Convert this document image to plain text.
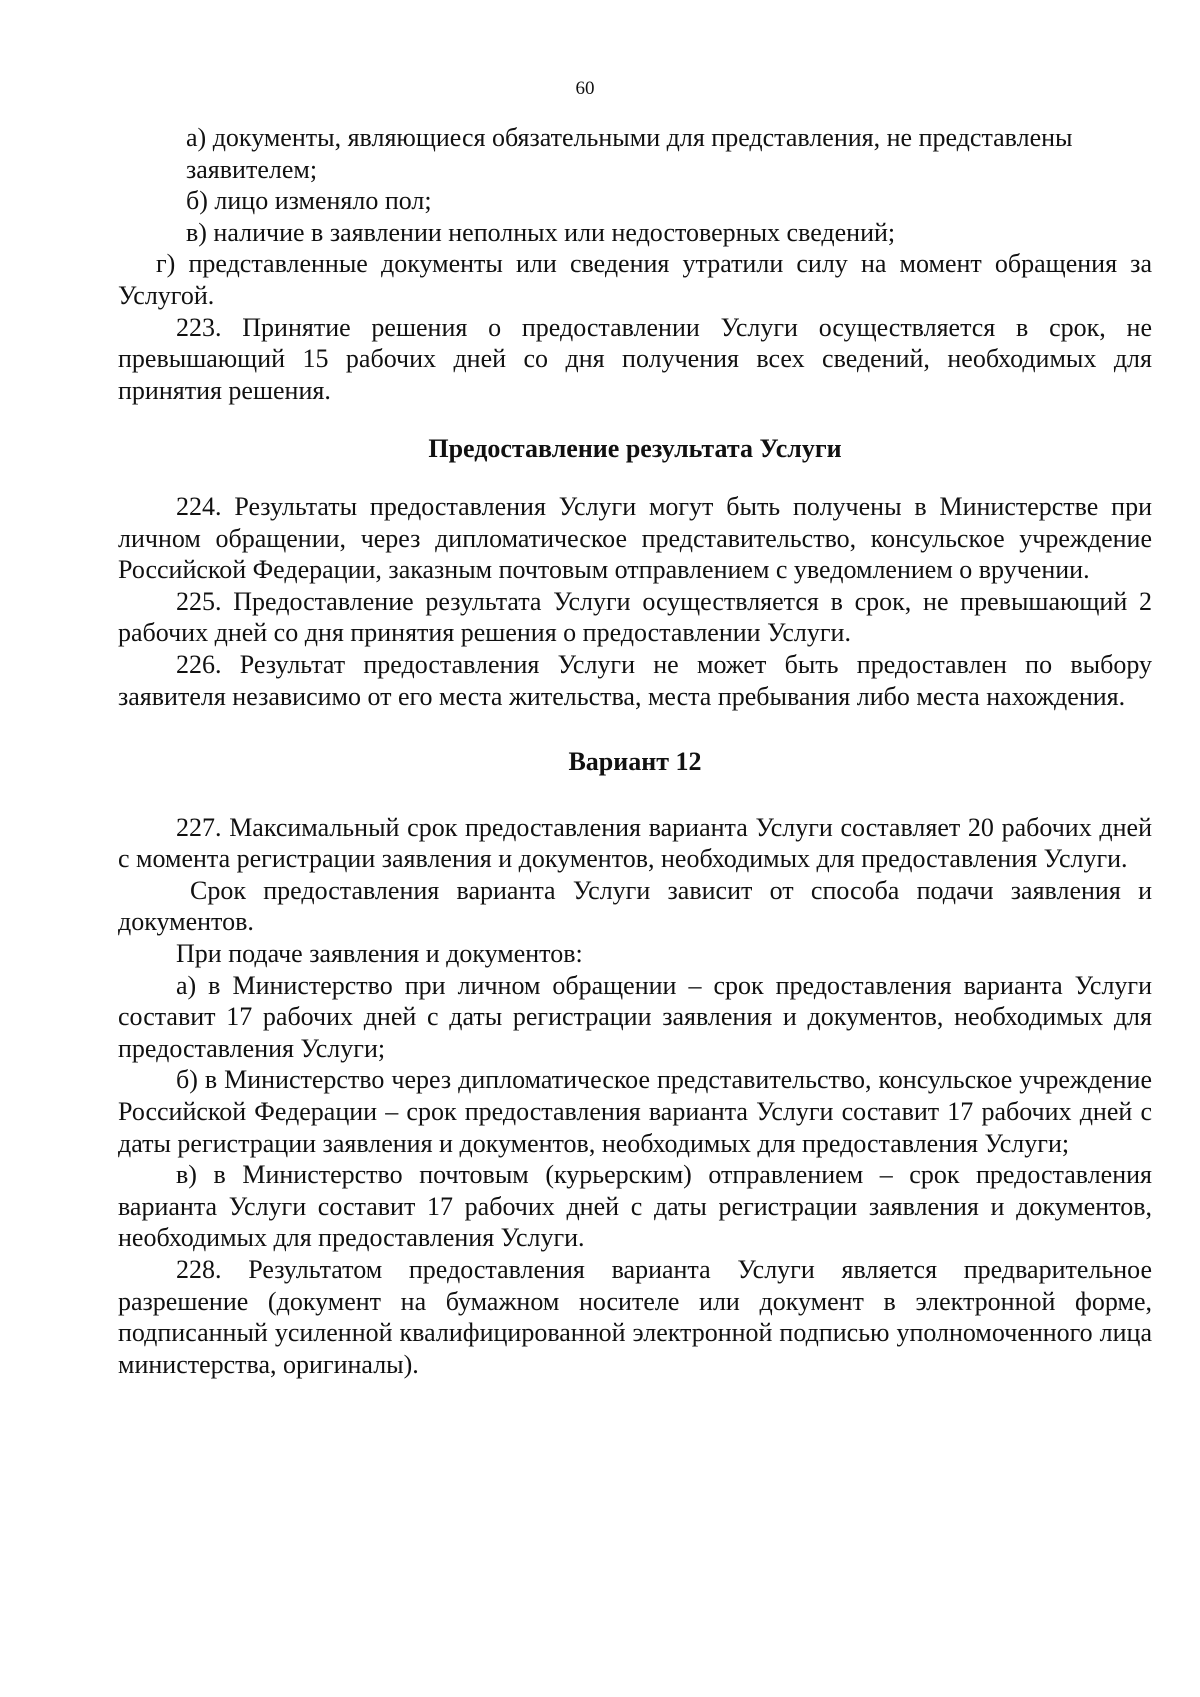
60

а) документы, являющиеся обязательными для представления, не представлены заявителем;

б) лицо изменяло пол;

в) наличие в заявлении неполных или недостоверных сведений;

г) представленные документы или сведения утратили силу на момент обращения за Услугой.

223. Принятие решения о предоставлении Услуги осуществляется в срок, не превышающий 15 рабочих дней со дня получения всех сведений, необходимых для принятия решения.

Предоставление результата Услуги

224. Результаты предоставления Услуги могут быть получены в Министерстве при личном обращении, через дипломатическое представительство, консульское учреждение Российской Федерации, заказным почтовым отправлением с уведомлением о вручении.

225. Предоставление результата Услуги осуществляется в срок, не превышающий 2 рабочих дней со дня принятия решения о предоставлении Услуги.

226. Результат предоставления Услуги не может быть предоставлен по выбору заявителя независимо от его места жительства, места пребывания либо места нахождения.

Вариант 12

227. Максимальный срок предоставления варианта Услуги составляет 20 рабочих дней с момента регистрации заявления и документов, необходимых для предоставления Услуги.

Срок предоставления варианта Услуги зависит от способа подачи заявления и документов.

При подаче заявления и документов:

а) в Министерство при личном обращении – срок предоставления варианта Услуги составит 17 рабочих дней с даты регистрации заявления и документов, необходимых для предоставления Услуги;

б) в Министерство через дипломатическое представительство, консульское учреждение Российской Федерации – срок предоставления варианта Услуги составит 17 рабочих дней с даты регистрации заявления и документов, необходимых для предоставления Услуги;

в) в Министерство почтовым (курьерским) отправлением – срок предоставления варианта Услуги составит 17 рабочих дней с даты регистрации заявления и документов, необходимых для предоставления Услуги.

228. Результатом предоставления варианта Услуги является предварительное разрешение (документ на бумажном носителе или документ в электронной форме, подписанный усиленной квалифицированной электронной подписью уполномоченного лица министерства, оригиналы).
